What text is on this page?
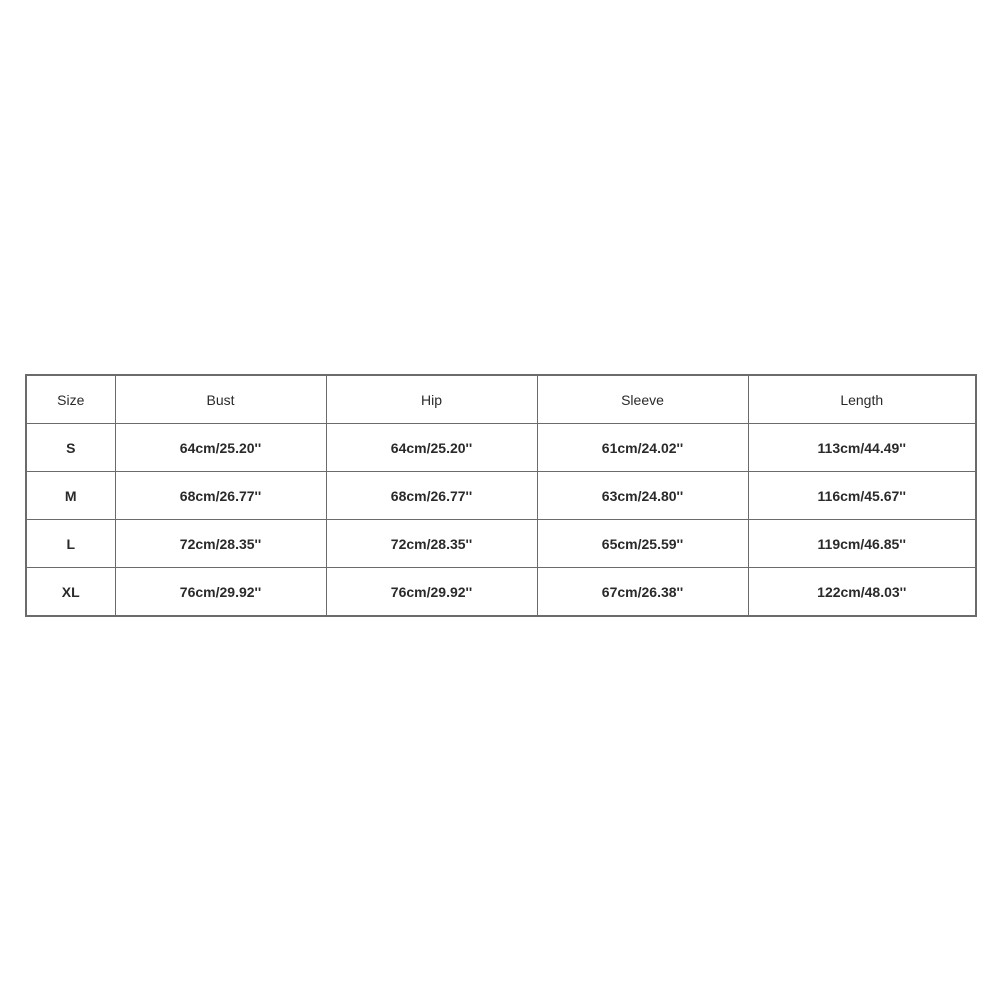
Size	Bust	Hip	Sleeve	Length
S	64cm/25.20''	64cm/25.20''	61cm/24.02''	113cm/44.49''
M	68cm/26.77''	68cm/26.77''	63cm/24.80''	116cm/45.67''
L	72cm/28.35''	72cm/28.35''	65cm/25.59''	119cm/46.85''
XL	76cm/29.92''	76cm/29.92''	67cm/26.38''	122cm/48.03''
